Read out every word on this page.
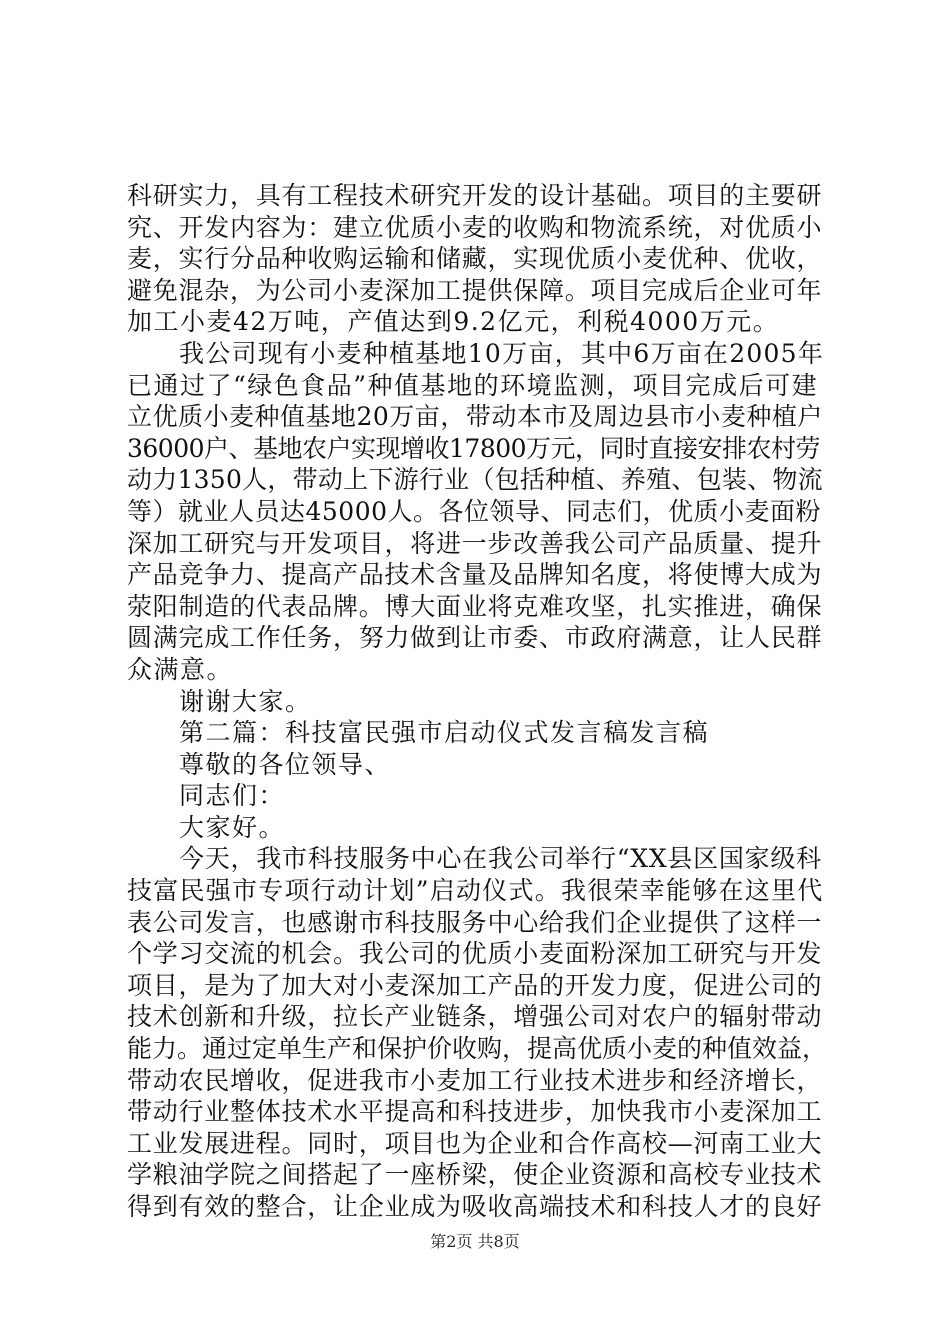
科研实力，具有工程技术研究开发的设计基础。项目的主要研
究、开发内容为：建立优质小麦的收购和物流系统，对优质小
麦，实行分品种收购运输和储藏，实现优质小麦优种、优收，
避免混杂，为公司小麦深加工提供保障。项目完成后企业可年
加工小麦42万吨，产值达到9.2亿元，利税4000万元。
我公司现有小麦种植基地10万亩，其中6万亩在2005年
已通过了“绿色食品”种值基地的环境监测，项目完成后可建
立优质小麦种值基地20万亩，带动本市及周边县市小麦种植户
36000户、基地农户实现增收17800万元，同时直接安排农村劳
动力1350人，带动上下游行业（包括种植、养殖、包装、物流
等）就业人员达45000人。各位领导、同志们，优质小麦面粉
深加工研究与开发项目，将进一步改善我公司产品质量、提升
产品竞争力、提高产品技术含量及品牌知名度，将使博大成为
荥阳制造的代表品牌。博大面业将克难攻坚，扎实推进，确保
圆满完成工作任务，努力做到让市委、市政府满意，让人民群
众满意。
谢谢大家。
第二篇：科技富民强市启动仪式发言稿发言稿
尊敬的各位领导、
同志们：
大家好。
今天，我市科技服务中心在我公司举行“XX县区国家级科
技富民强市专项行动计划”启动仪式。我很荣幸能够在这里代
表公司发言，也感谢市科技服务中心给我们企业提供了这样一
个学习交流的机会。我公司的优质小麦面粉深加工研究与开发
项目，是为了加大对小麦深加工产品的开发力度，促进公司的
技术创新和升级，拉长产业链条，增强公司对农户的辐射带动
能力。通过定单生产和保护价收购，提高优质小麦的种值效益，
带动农民增收，促进我市小麦加工行业技术进步和经济增长，
带动行业整体技术水平提高和科技进步，加快我市小麦深加工
工业发展进程。同时，项目也为企业和合作高校—河南工业大
学粮油学院之间搭起了一座桥梁，使企业资源和高校专业技术
得到有效的整合，让企业成为吸收高端技术和科技人才的良好
第2页 共8页
